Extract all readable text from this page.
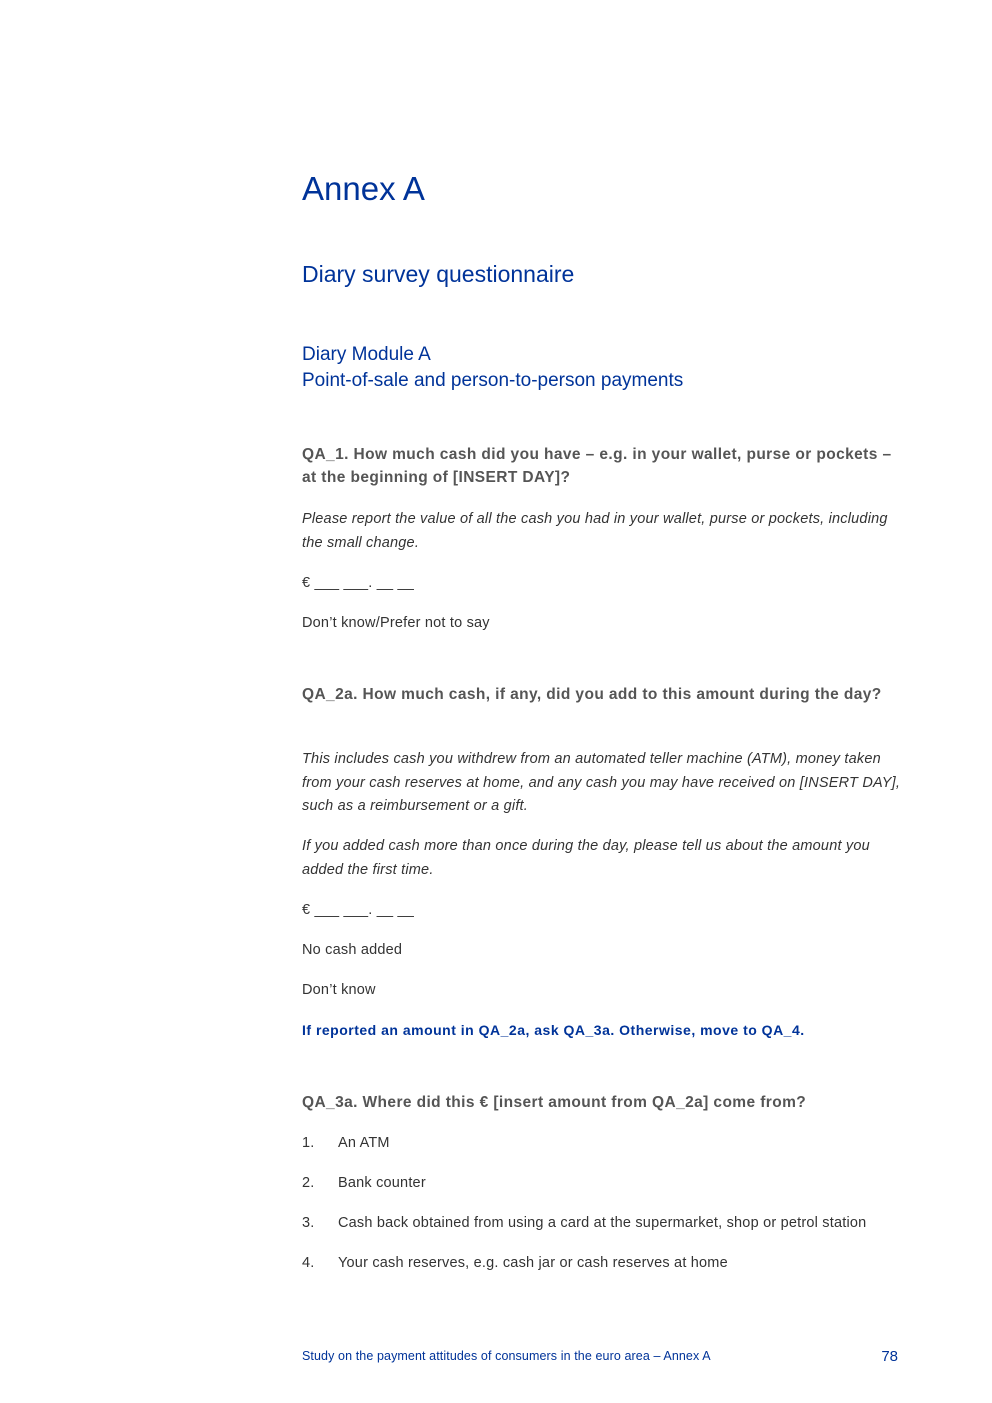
Annex A
Diary survey questionnaire
Diary Module A
Point-of-sale and person-to-person payments

QA_1. How much cash did you have – e.g. in your wallet, purse or pockets – at the beginning of [INSERT DAY]?

Please report the value of all the cash you had in your wallet, purse or pockets, including the small change.

€ ___ ___. __ __

Don’t know/Prefer not to say

QA_2a. How much cash, if any, did you add to this amount during the day?

This includes cash you withdrew from an automated teller machine (ATM), money taken from your cash reserves at home, and any cash you may have received on [INSERT DAY], such as a reimbursement or a gift.

If you added cash more than once during the day, please tell us about the amount you added the first time.

€ ___ ___. __ __

No cash added

Don’t know

If reported an amount in QA_2a, ask QA_3a. Otherwise, move to QA_4.

QA_3a. Where did this € [insert amount from QA_2a] come from?

1.	An ATM
2.	Bank counter
3.	Cash back obtained from using a card at the supermarket, shop or petrol station
4.	Your cash reserves, e.g. cash jar or cash reserves at home
Study on the payment attitudes of consumers in the euro area – Annex A	78
